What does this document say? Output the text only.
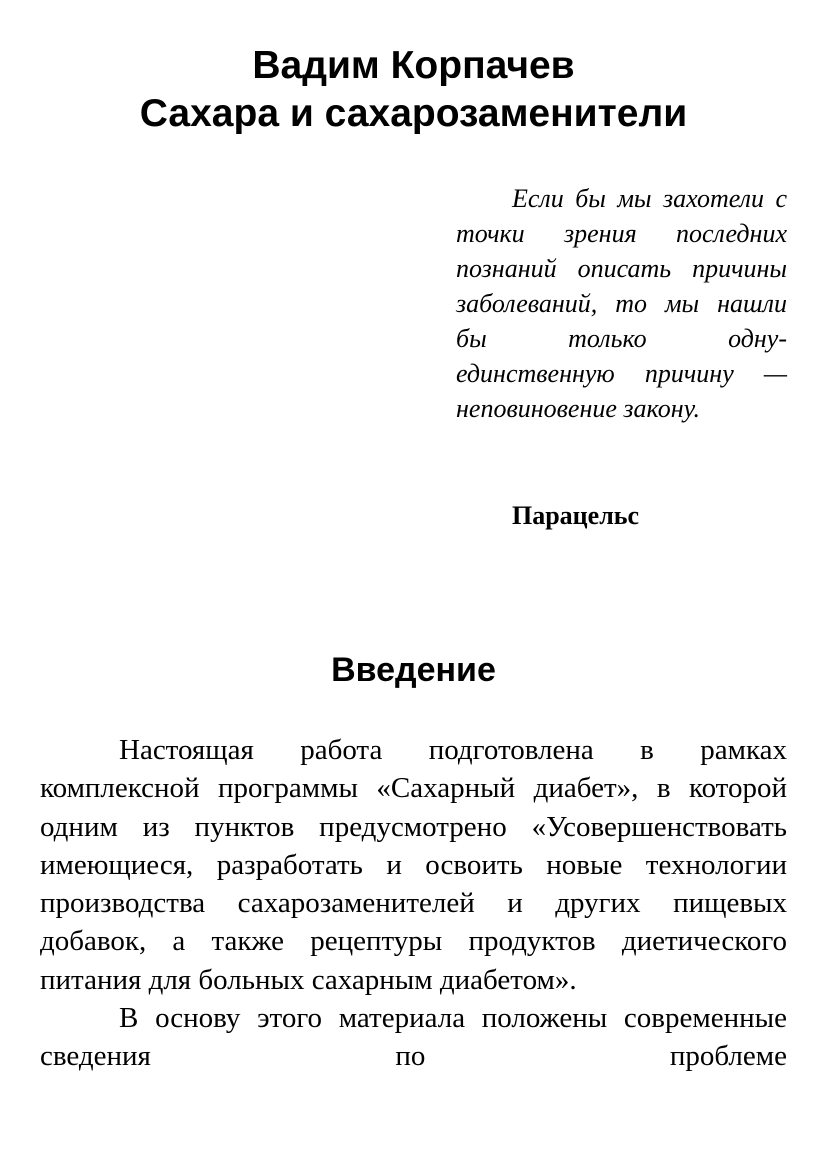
Вадим Корпачев
Сахара и сахарозаменители
Если бы мы захотели с точки зрения последних познаний описать причины заболеваний, то мы нашли бы только одну-единственную причину — неповиновение закону.
Парацельс
Введение

Настоящая работа подготовлена в рамках комплексной программы «Сахарный диабет», в которой одним из пунктов предусмотрено «Усовершенствовать имеющиеся, разработать и освоить новые технологии производства сахарозаменителей и других пищевых добавок, а также рецептуры продуктов диетического питания для больных сахарным диабетом».

В основу этого материала положены современные сведения по проблеме
